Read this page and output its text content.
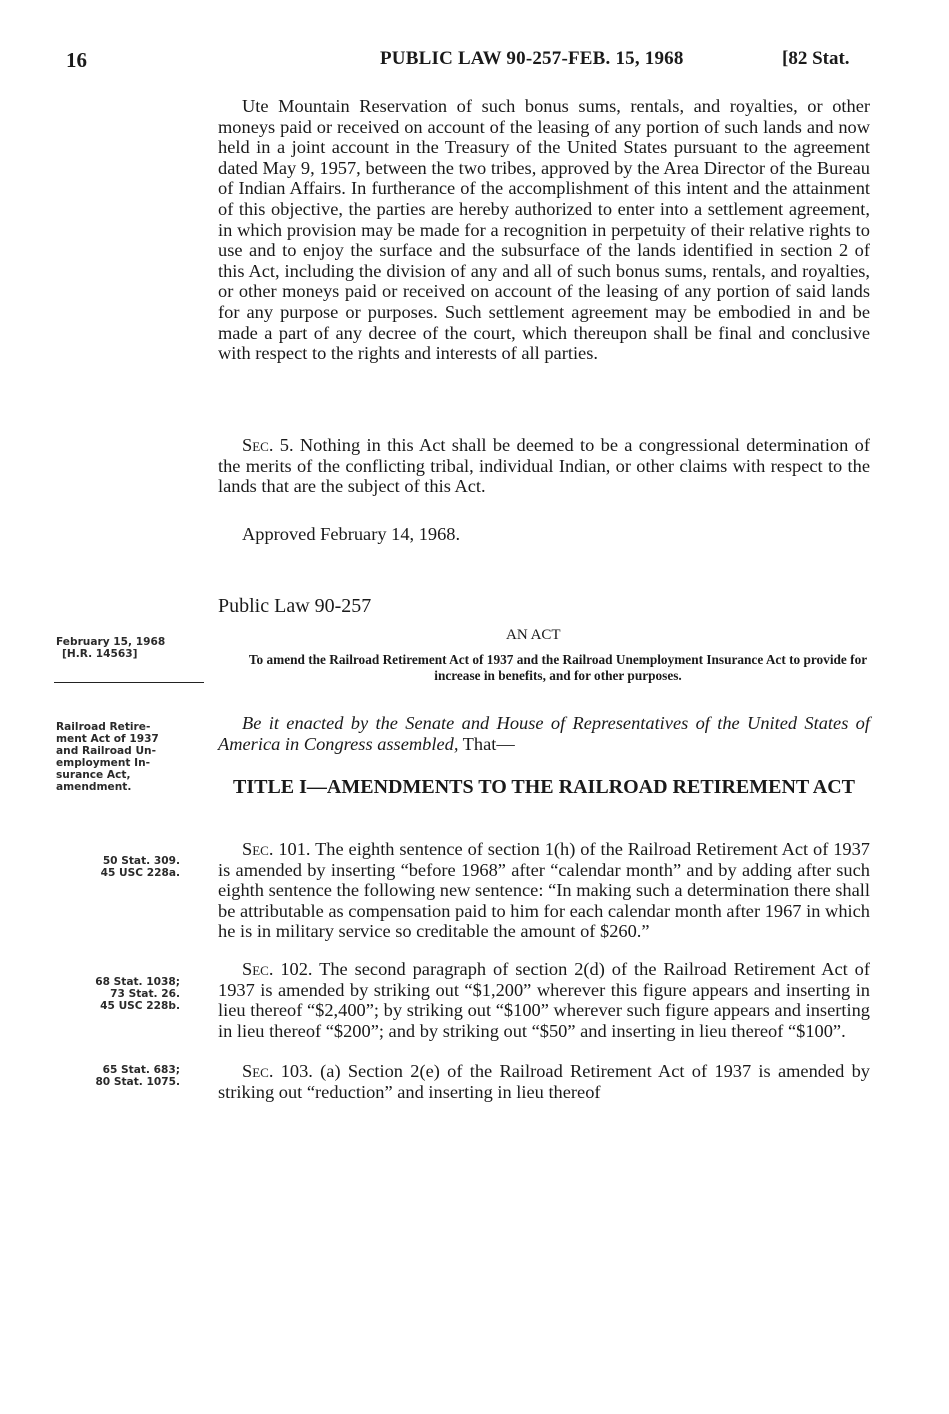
16	PUBLIC LAW 90-257-FEB. 15, 1968	[82 Stat.
Ute Mountain Reservation of such bonus sums, rentals, and royalties, or other moneys paid or received on account of the leasing of any portion of such lands and now held in a joint account in the Treasury of the United States pursuant to the agreement dated May 9, 1957, between the two tribes, approved by the Area Director of the Bureau of Indian Affairs. In furtherance of the accomplishment of this intent and the attainment of this objective, the parties are hereby authorized to enter into a settlement agreement, in which provision may be made for a recognition in perpetuity of their relative rights to use and to enjoy the surface and the subsurface of the lands identified in section 2 of this Act, including the division of any and all of such bonus sums, rentals, and royalties, or other moneys paid or received on account of the leasing of any portion of said lands for any purpose or purposes. Such settlement agreement may be embodied in and be made a part of any decree of the court, which thereupon shall be final and conclusive with respect to the rights and interests of all parties.
Sec. 5. Nothing in this Act shall be deemed to be a congressional determination of the merits of the conflicting tribal, individual Indian, or other claims with respect to the lands that are the subject of this Act.
Approved February 14, 1968.
Public Law 90-257
AN ACT
February 15, 1968
[H.R. 14563]	To amend the Railroad Retirement Act of 1937 and the Railroad Unemployment Insurance Act to provide for increase in benefits, and for other purposes.
Railroad Retire-
ment Act of 1937
and Railroad Un-
employment In-
surance Act,
amendment.
Be it enacted by the Senate and House of Representatives of the United States of America in Congress assembled, That—
TITLE I—AMENDMENTS TO THE RAILROAD RETIREMENT ACT
50 Stat. 309.
45 USC 228a.
Sec. 101. The eighth sentence of section 1(h) of the Railroad Retirement Act of 1937 is amended by inserting “before 1968” after “calendar month” and by adding after such eighth sentence the following new sentence: “In making such a determination there shall be attributable as compensation paid to him for each calendar month after 1967 in which he is in military service so creditable the amount of $260.”
68 Stat. 1038;
73 Stat. 26.
45 USC 228b.
Sec. 102. The second paragraph of section 2(d) of the Railroad Retirement Act of 1937 is amended by striking out “$1,200” wherever this figure appears and inserting in lieu thereof “$2,400”; by striking out “$100” wherever such figure appears and inserting in lieu thereof “$200”; and by striking out “$50” and inserting in lieu thereof “$100”.
65 Stat. 683;
80 Stat. 1075.
Sec. 103. (a) Section 2(e) of the Railroad Retirement Act of 1937 is amended by striking out “reduction” and inserting in lieu thereof
